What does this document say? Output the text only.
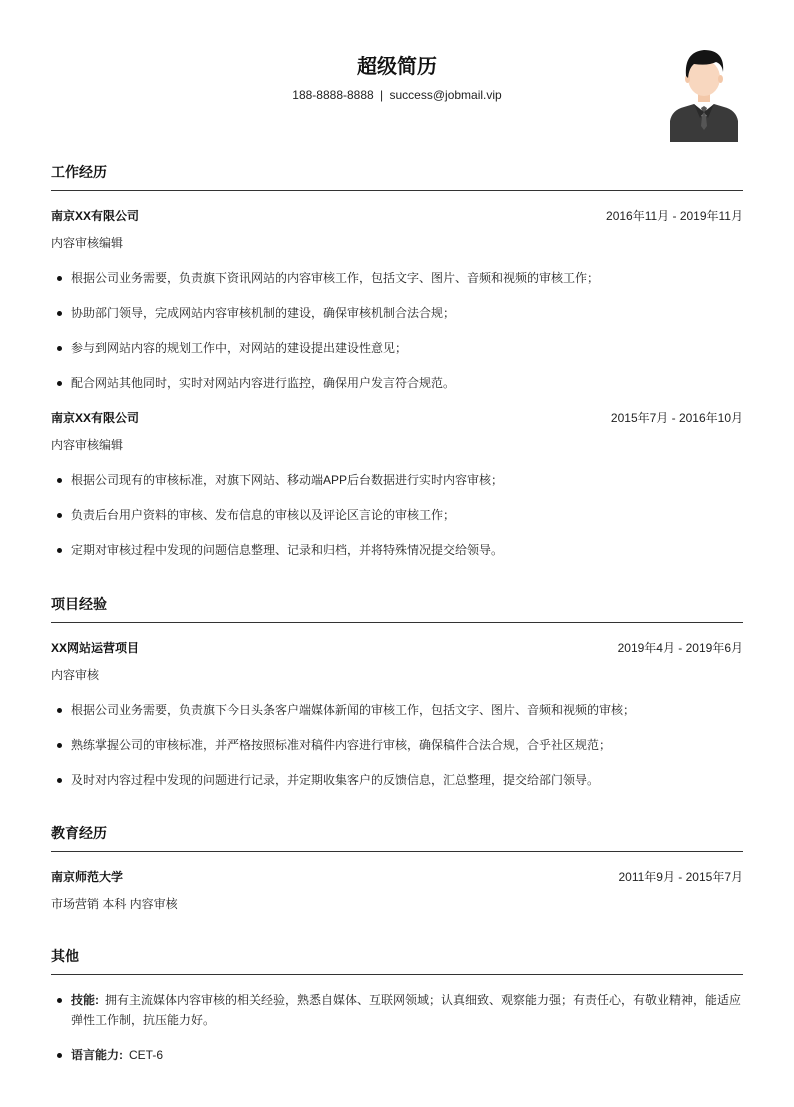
超级简历
188-8888-8888 | success@jobmail.vip
工作经历
南京XX有限公司	2016年11月 - 2019年11月
内容审核编辑
根据公司业务需要，负责旗下资讯网站的内容审核工作，包括文字、图片、音频和视频的审核工作；
协助部门领导，完成网站内容审核机制的建设，确保审核机制合法合规；
参与到网站内容的规划工作中，对网站的建设提出建设性意见；
配合网站其他同时，实时对网站内容进行监控，确保用户发言符合规范。
南京XX有限公司	2015年7月 - 2016年10月
内容审核编辑
根据公司现有的审核标准，对旗下网站、移动端APP后台数据进行实时内容审核；
负责后台用户资料的审核、发布信息的审核以及评论区言论的审核工作；
定期对审核过程中发现的问题信息整理、记录和归档，并将特殊情况提交给领导。
项目经验
XX网站运营项目	2019年4月 - 2019年6月
内容审核
根据公司业务需要，负责旗下今日头条客户端媒体新闻的审核工作，包括文字、图片、音频和视频的审核；
熟练掌握公司的审核标准，并严格按照标准对稿件内容进行审核，确保稿件合法合规，合乎社区规范；
及时对内容过程中发现的问题进行记录，并定期收集客户的反馈信息，汇总整理，提交给部门领导。
教育经历
南京师范大学	2011年9月 - 2015年7月
市场营销 本科 内容审核
其他
技能: 拥有主流媒体内容审核的相关经验，熟悉自媒体、互联网领域；认真细致、观察能力强；有责任心，有敬业精神，能适应弹性工作制，抗压能力好。
语言能力: CET-6
